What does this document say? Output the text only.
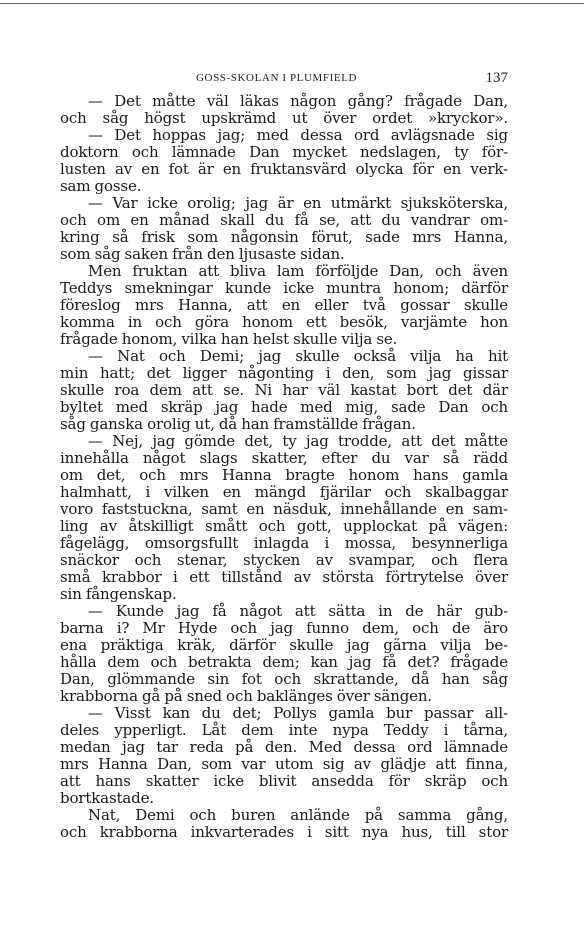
GOSS-SKOLAN I PLUMFIELD	137
— Det måtte väl läkas någon gång? frågade Dan,
och såg högst upskrämd ut över ordet »kryckor».
— Det hoppas jag; med dessa ord avlägsnade sig
doktorn och lämnade Dan mycket nedslagen, ty för-
lusten av en fot är en fruktansvärd olycka för en verk-
sam gosse.
— Var icke orolig; jag är en utmärkt sjuksköterska,
och om en månad skall du få se, att du vandrar om-
kring så frisk som någonsin förut, sade mrs Hanna,
som såg saken från den ljusaste sidan.
Men fruktan att bliva lam förföljde Dan, och även
Teddys smekningar kunde icke muntra honom; därför
föreslog mrs Hanna, att en eller två gossar skulle
komma in och göra honom ett besök, varjämte hon
frågade honom, vilka han helst skulle vilja se.
— Nat och Demi; jag skulle också vilja ha hit
min hatt; det ligger någonting i den, som jag gissar
skulle roa dem att se. Ni har väl kastat bort det där
byltet med skräp jag hade med mig, sade Dan och
såg ganska orolig ut, då han framställde frågan.
— Nej, jag gömde det, ty jag trodde, att det måtte
innehålla något slags skatter, efter du var så rädd
om det, och mrs Hanna bragte honom hans gamla
halmhatt, i vilken en mängd fjärilar och skalbaggar
voro faststuckna, samt en näsduk, innehållande en sam-
ling av åtskilligt smått och gott, upplockat på vägen:
fågelägg, omsorgsfullt inlagda i mossa, besynnerliga
snäckor och stenar, stycken av svampar, och flera
små krabbor i ett tillstånd av största förtrytelse över
sin fångenskap.
— Kunde jag få något att sätta in de här gub-
barna i? Mr Hyde och jag funno dem, och de äro
ena präktiga kräk, därför skulle jag gärna vilja be-
hålla dem och betrakta dem; kan jag få det? frågade
Dan, glömmande sin fot och skrattande, då han såg
krabborna gå på sned och baklänges över sängen.
— Visst kan du det; Pollys gamla bur passar all-
deles ypperligt. Låt dem inte nypa Teddy i tårna,
medan jag tar reda på den. Med dessa ord lämnade
mrs Hanna Dan, som var utom sig av glädje att finna,
att hans skatter icke blivit ansedda för skräp och
bortkastade.
Nat, Demi och buren anlände på samma gång,
och krabborna inkvarterades i sitt nya hus, till stor
